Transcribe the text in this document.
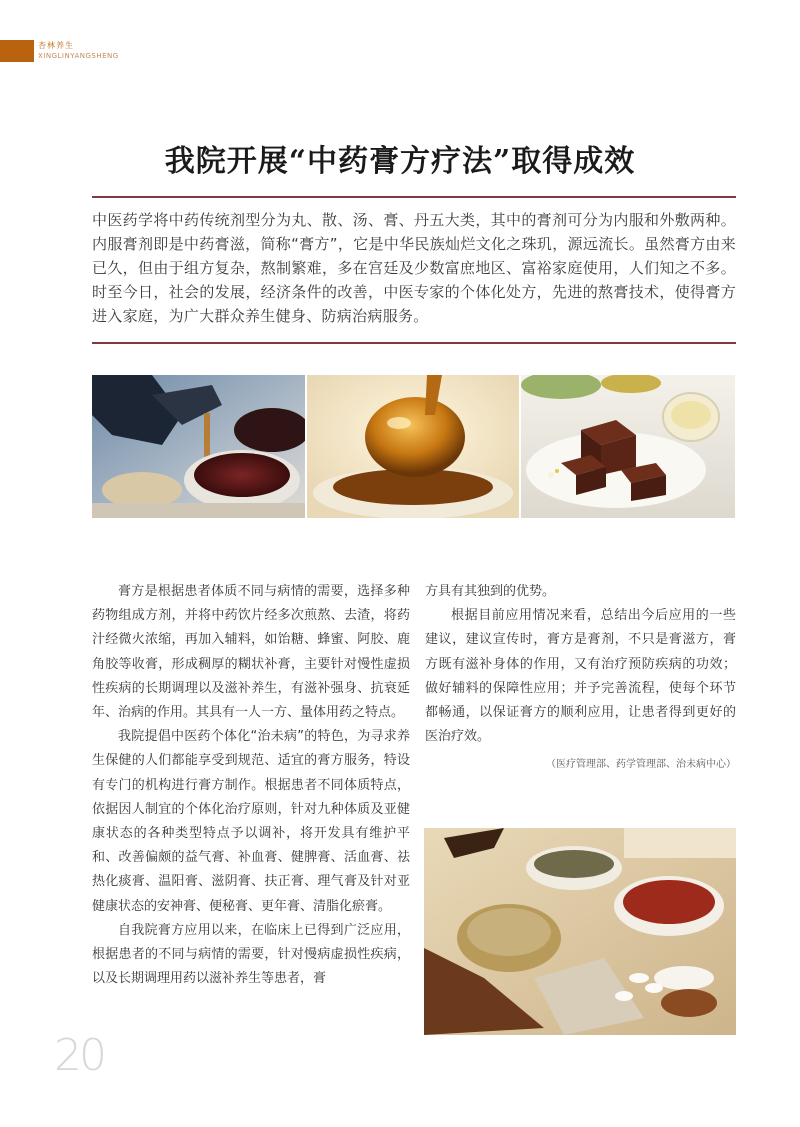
杏林养生
XINGLINYANGSHENG
我院开展“中药膏方疗法”取得成效

中医药学将中药传统剂型分为丸、散、汤、膏、丹五大类，其中的膏剂可分为内服和外敷两种。内服膏剂即是中药膏滋，简称“膏方”，它是中华民族灿烂文化之珠玑，源远流长。虽然膏方由来已久，但由于组方复杂，熬制繁难，多在宫廷及少数富庶地区、富裕家庭使用，人们知之不多。时至今日，社会的发展，经济条件的改善，中医专家的个体化处方，先进的熬膏技术，使得膏方进入家庭，为广大群众养生健身、防病治病服务。

膏方是根据患者体质不同与病情的需要，选择多种药物组成方剂，并将中药饮片经多次煎熬、去渣，将药汁经微火浓缩，再加入辅料，如饴糖、蜂蜜、阿胶、鹿角胶等收膏，形成稠厚的糊状补膏，主要针对慢性虚损性疾病的长期调理以及滋补养生，有滋补强身、抗衰延年、治病的作用。其具有一人一方、量体用药之特点。

我院提倡中医药个体化“治未病”的特色，为寻求养生保健的人们都能享受到规范、适宜的膏方服务，特设有专门的机构进行膏方制作。根据患者不同体质特点，依据因人制宜的个体化治疗原则，针对九种体质及亚健康状态的各种类型特点予以调补，将开发具有维护平和、改善偏颇的益气膏、补血膏、健脾膏、活血膏、祛热化痰膏、温阳膏、滋阴膏、扶正膏、理气膏及针对亚健康状态的安神膏、便秘膏、更年膏、清脂化瘀膏。

自我院膏方应用以来，在临床上已得到广泛应用，根据患者的不同与病情的需要，针对慢病虚损性疾病，以及长期调理用药以滋补养生等患者，膏

方具有其独到的优势。

根据目前应用情况来看，总结出今后应用的一些建议，建议宣传时，膏方是膏剂，不只是膏滋方，膏方既有滋补身体的作用，又有治疗预防疾病的功效；做好辅料的保障性应用；并予完善流程，使每个环节都畅通，以保证膏方的顺利应用，让患者得到更好的医治疗效。

（医疗管理部、药学管理部、治未病中心）

20
